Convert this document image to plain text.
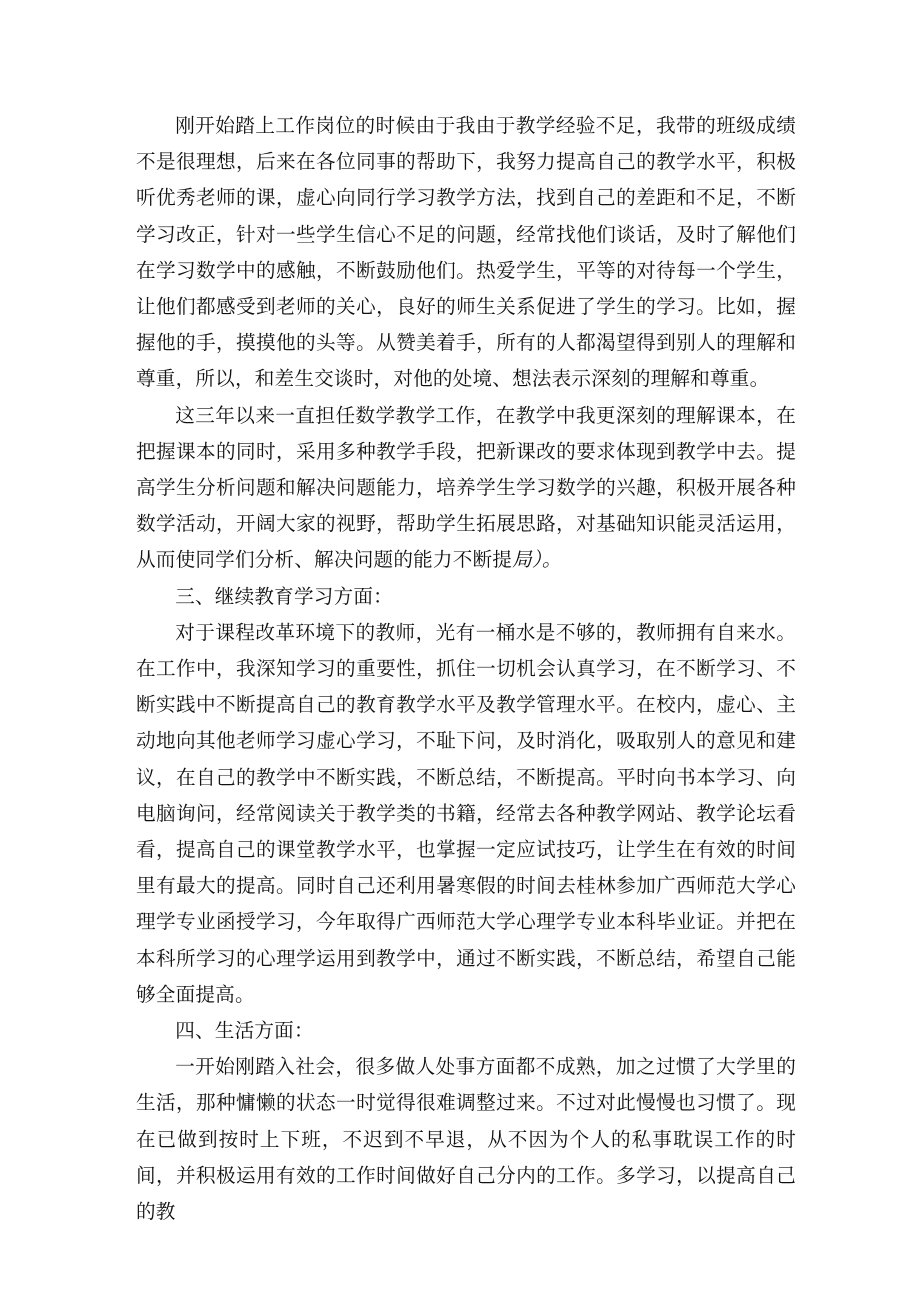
刚开始踏上工作岗位的时候由于我由于教学经验不足，我带的班级成绩不是很理想，后来在各位同事的帮助下，我努力提高自己的教学水平，积极听优秀老师的课，虚心向同行学习教学方法，找到自己的差距和不足，不断学习改正，针对一些学生信心不足的问题，经常找他们谈话，及时了解他们在学习数学中的感触，不断鼓励他们。热爱学生，平等的对待每一个学生，让他们都感受到老师的关心，良好的师生关系促进了学生的学习。比如，握握他的手，摸摸他的头等。从赞美着手，所有的人都渴望得到别人的理解和尊重，所以，和差生交谈时，对他的处境、想法表示深刻的理解和尊重。

这三年以来一直担任数学教学工作，在教学中我更深刻的理解课本，在把握课本的同时，采用多种教学手段，把新课改的要求体现到教学中去。提高学生分析问题和解决问题能力，培养学生学习数学的兴趣，积极开展各种数学活动，开阔大家的视野，帮助学生拓展思路，对基础知识能灵活运用，从而使同学们分析、解决问题的能力不断提局）。

三、继续教育学习方面：

对于课程改革环境下的教师，光有一桶水是不够的，教师拥有自来水。在工作中，我深知学习的重要性，抓住一切机会认真学习，在不断学习、不断实践中不断提高自己的教育教学水平及教学管理水平。在校内，虚心、主动地向其他老师学习虚心学习，不耻下问，及时消化，吸取别人的意见和建议，在自己的教学中不断实践，不断总结，不断提高。平时向书本学习、向电脑询问，经常阅读关于教学类的书籍，经常去各种教学网站、教学论坛看看，提高自己的课堂教学水平，也掌握一定应试技巧，让学生在有效的时间里有最大的提高。同时自己还利用暑寒假的时间去桂林参加广西师范大学心理学专业函授学习，今年取得广西师范大学心理学专业本科毕业证。并把在本科所学习的心理学运用到教学中，通过不断实践，不断总结，希望自己能够全面提高。

四、生活方面：

一开始刚踏入社会，很多做人处事方面都不成熟，加之过惯了大学里的生活，那种慵懒的状态一时觉得很难调整过来。不过对此慢慢也习惯了。现在已做到按时上下班，不迟到不早退，从不因为个人的私事耽误工作的时间，并积极运用有效的工作时间做好自己分内的工作。多学习，以提高自己的教
